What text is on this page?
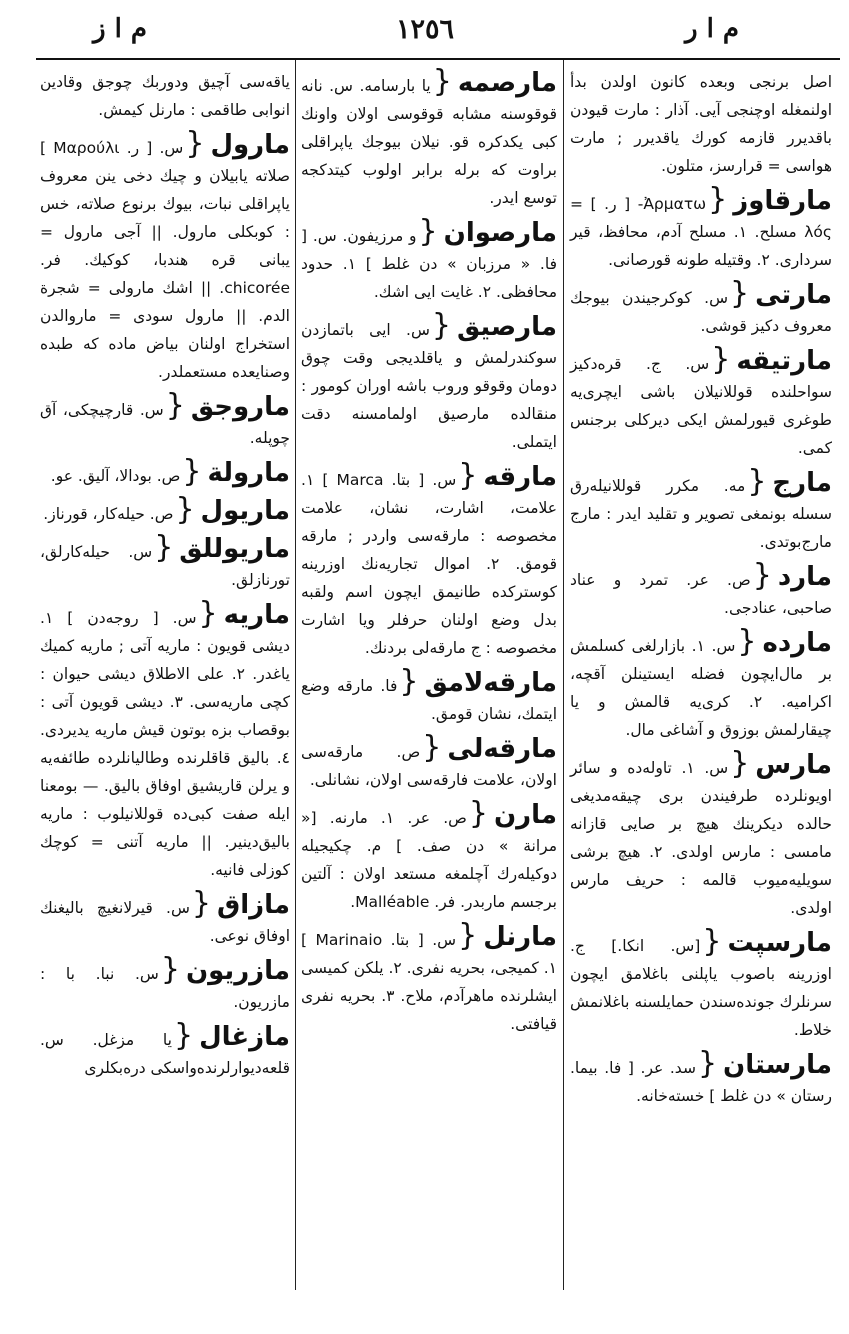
م ا ر
١٢٥٦
م ا ز
اصل برنجی وبعده کانون اولدن بدأ اولنمغله اوچنجی آیی. آذار : مارت قیودن باقدیرر قازمه کورك یاقدیرر ; مارت هواسی = قرارسز، متلون.
مارقاوز{Ἀρματω- [ ر. ] = λός مسلح. ١. مسلح آدم، محافظ، قیر سرداری. ٢. وقتیله طونه قورصانی.
مارتی{س. کوکرجیندن بیوجك معروف دکیز قوشی.
مارتیقه{س. ج. قره‌دکیز سواحلنده قوللانیلان باشی ایچری‌یه طوغری قیورلمش ایکی دیرکلی برجنس کمی.
مارج{مه. مکرر قوللانیله‌رق سسله بونمغی تصویر و تقلید ایدر : مارج مارج‌بوتدی.
مارد{ص. عر. تمرد و عناد صاحبی، عنادجی.
مارده{س. ١. بازارلغی کسلمش بر مال‌ایچون فضله ایستینلن آقچه، اکرامیه. ٢. کری‌یه قالمش و یا چیقارلمش بوزوق و آشاغی مال.
مارس{س. ١. تاوله‌ده و سائر اویونلرده طرفیندن بری چیقه‌مدیغی حالده دیکرینك هیچ بر صایی قازانه مامسی : مارس اولدی. ٢. هیچ برشی سویلیه‌میوب قالمه : حریف مارس اولدی.
مارسپت{[س. انکا.] ج. اوزرینه باصوب یاپلنی باغلامق ایچون سرنلرك جونده‌سندن حمایلسنه باغلانمش خلاط.
مارستان{سد. عر. [ فا. بیما. رستان » دن غلط ] خسته‌خانه.
مارصمه{یا بارسامه. س. نانه قوقوسنه مشابه قوقوسی اولان واونك کبی یکدکره قو. نیلان بیوجك یاپراقلی براوت که برله برابر اولوب کیتدکجه توسع ایدر.
مارصوان{و مرزیفون. س. [ فا. « مرزبان » دن غلط ] ١. حدود محافظی. ٢. غایت ایی اشك.
مارصیق{س. ایی باتمازدن سوکندرلمش و یاقلدیجی وقت چوق دومان وقوقو وروب باشه اوران کومور : منقالده مارصیق اولمامسنه دقت ایتملی.
مارقه{س. [ بتا. Marca ] ١. علامت، اشارت، نشان، علامت مخصوصه : مارقه‌سی واردر ; مارقه قومق. ٢. اموال تجاریه‌نك اوزرینه کوسترکده طانیمق ایچون اسم ولقبه بدل وضع اولنان حرفلر ویا اشارت مخصوصه : ج مارقه‌لی بردنك.
مارقه‌لامق{فا. مارقه وضع ایتمك، نشان قومق.
مارقه‌لی{ص. مارقه‌سی اولان، علامت فارقه‌سی اولان، نشانلی.
مارن{ص. عر. ١. مارنه. [« مرانة » دن صف. ] م. چکیجیله دوکیله‌رك آچلمغه مستعد اولان : آلتین برجسم ماربدر. فر. Malléable.
مارنل{س. [ بتا. Marinaio ] ١. کمیجی، بحریه نفری. ٢. یلکن کمیسی ایشلرنده ماهرآدم، ملاح. ٣. بحریه نفری قیافتی.
یاقه‌سی آچیق ودوربك چوجق وقادین انوابی طاقمی : مارنل کیمش.
مارول{س. [ ر. Μαρούλι ] صلاته یابیلان و چیك دخی ینن معروف یاپراقلی نبات، بیوك برنوع صلاته، خس : کوبکلی مارول. || آجی مارول = یبانی قره هندبا، کوکیك. فر. chicorée. || اشك مارولی = شجرة الدم. || مارول سودی = ماروالدن استخراج اولنان بیاض ماده که طبده وصنایعده مستعملدر.
ماروجق{س. قارچیچکی، آق چوپله.
مارولة{ص. بودالا، آلیق. عو.
ماریول{ص. حیله‌کار، قورناز.
ماریوللق{س. حیله‌کارلق، تورنازلق.
ماریه{س. [ روجه‌دن ] ١. دیشی قویون : ماریه آتی ; ماریه کمیك یاغدر. ٢. علی الاطلاق دیشی حیوان : کچی ماریه‌سی. ٣. دیشی قویون آتی : بوقصاب بزه بوتون قیش ماریه یدیردی. ٤. بالیق قاقلرنده وطالیانلرده طائفه‌یه و یرلن قاریشیق اوفاق بالیق. — بومعنا ایله صفت کبی‌ده قوللانیلوب : ماریه بالیق‌دینیر. || ماریه آتنی = کوچك کوزلی فانیه.
مازاق{س. قیرلانغیچ بالیغنك اوفاق نوعی.
مازریون{س. نبا. با : مازریون.
مازغال{یا مزغل. س. قلعه‌دیوارلرنده‌واسکی دره‌بکلری
